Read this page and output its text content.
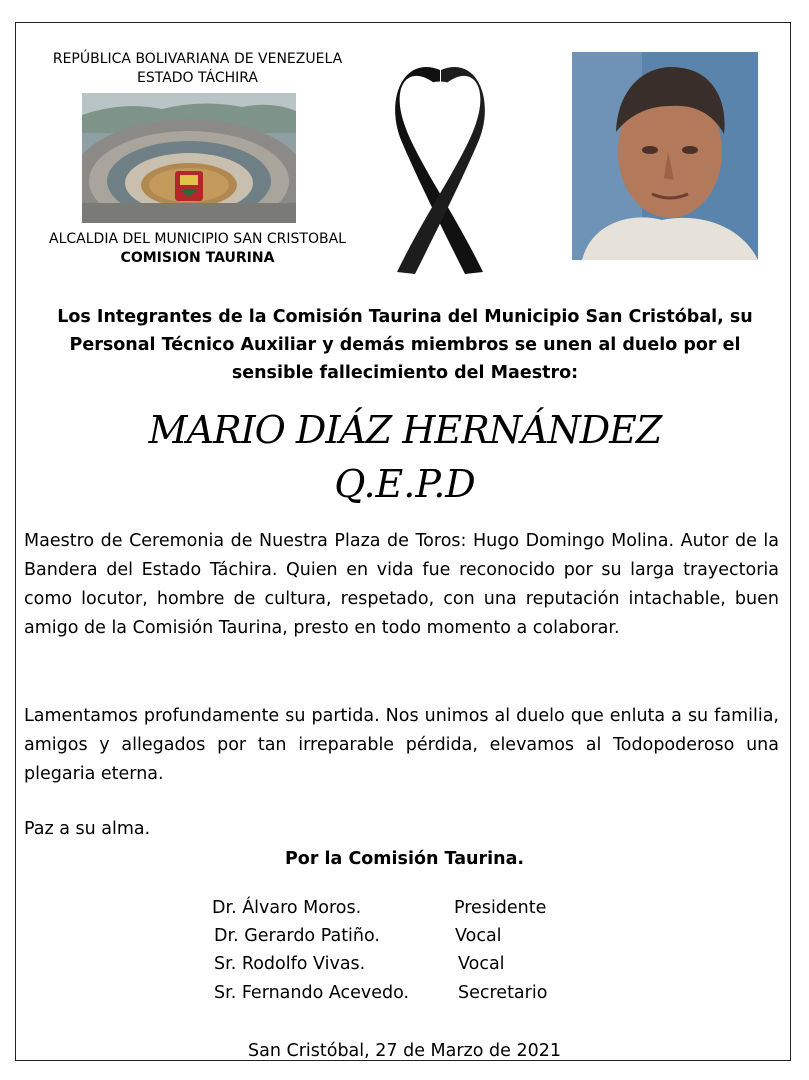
REPÚBLICA BOLIVARIANA DE VENEZUELA
ESTADO TÁCHIRA
ALCALDIA DEL MUNICIPIO SAN CRISTOBAL
COMISION TAURINA
Los Integrantes de la Comisión Taurina del Municipio San Cristóbal, su Personal Técnico Auxiliar y demás miembros se unen al duelo por el sensible fallecimiento del Maestro:
MARIO DIÁZ HERNÁNDEZ
Q.E.P.D
Maestro de Ceremonia de Nuestra Plaza de Toros: Hugo Domingo Molina. Autor de la Bandera del Estado Táchira. Quien en vida fue reconocido por su larga trayectoria como locutor, hombre de cultura, respetado, con una reputación intachable, buen amigo de la Comisión Taurina, presto en todo momento a colaborar.
Lamentamos profundamente su partida. Nos unimos al duelo que enluta a su familia, amigos y allegados por tan irreparable pérdida, elevamos al Todopoderoso una plegaria eterna.
Paz a su alma.
Por la Comisión Taurina.
Dr. Álvaro Moros.	Presidente
Dr. Gerardo Patiño.	Vocal
Sr. Rodolfo Vivas.	Vocal
Sr. Fernando Acevedo.	Secretario
San Cristóbal, 27 de Marzo de 2021
